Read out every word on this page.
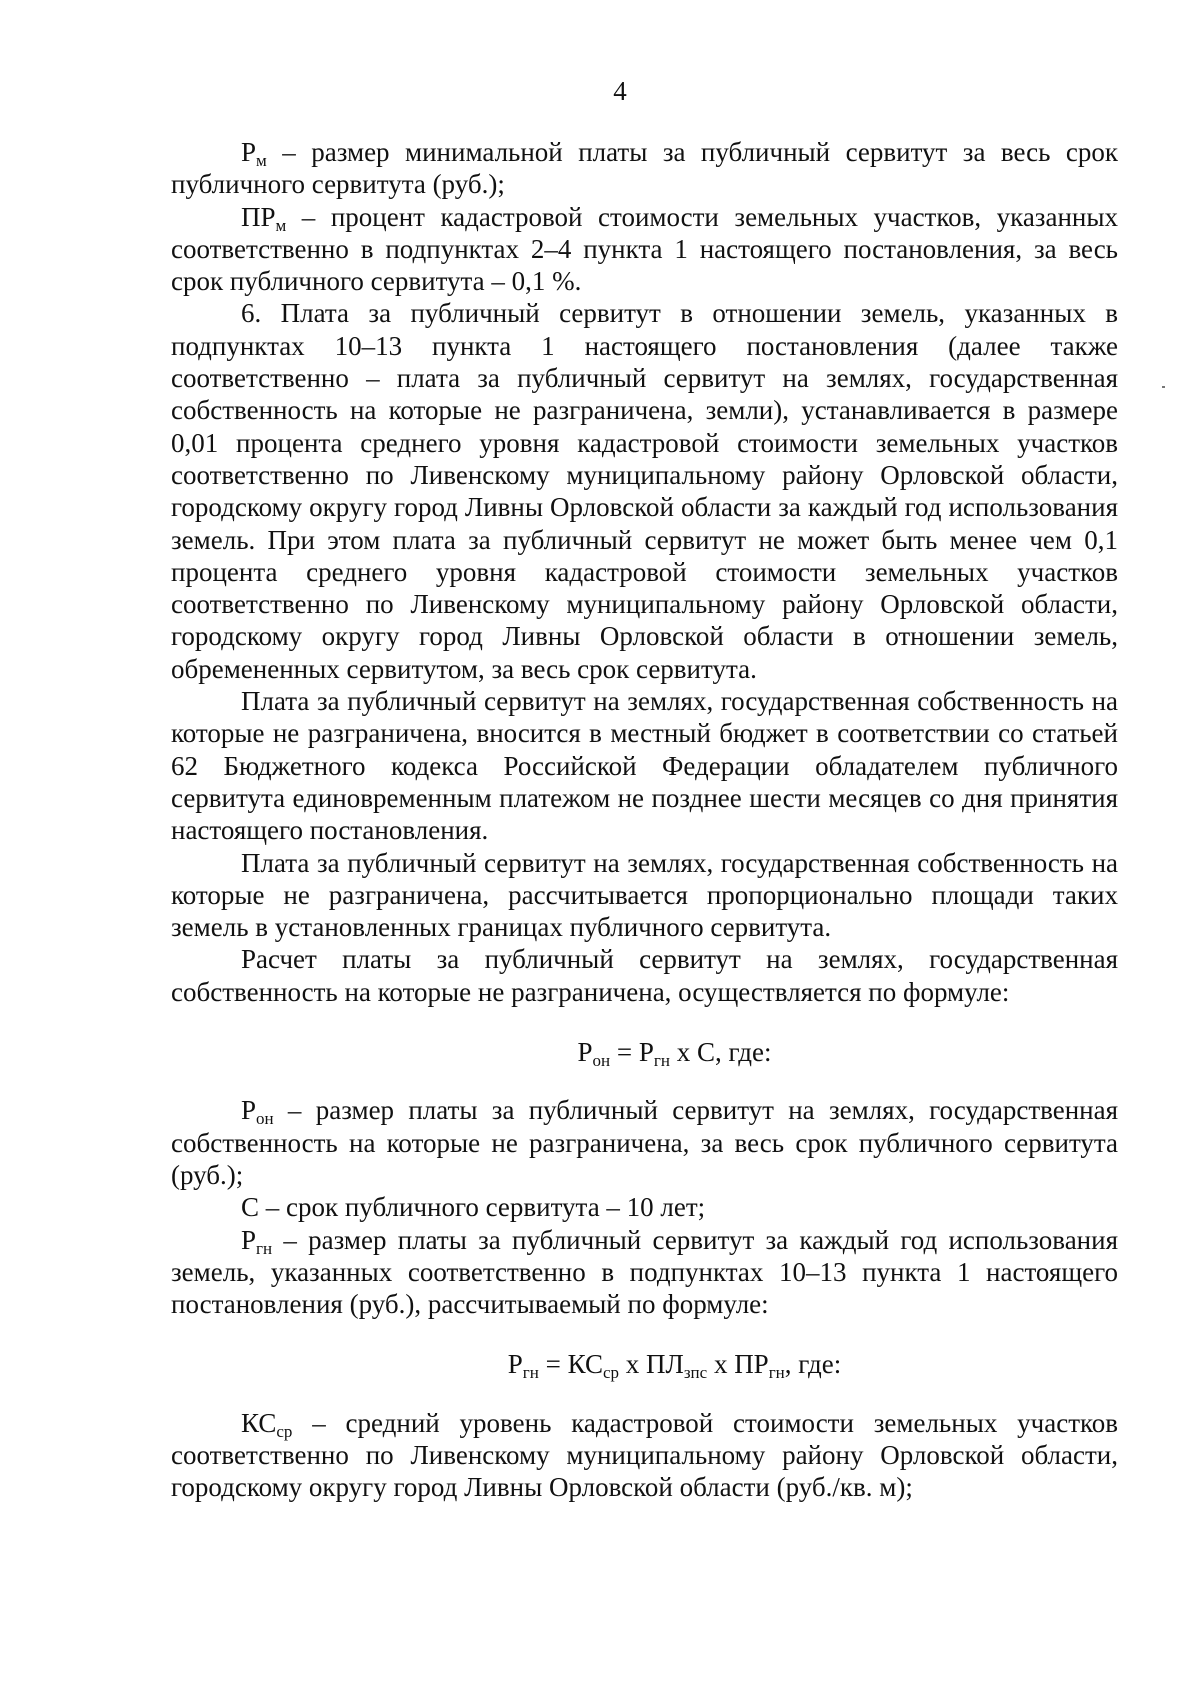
4

$Р_м$ – размер минимальной платы за публичный сервитут за весь срок публичного сервитута (руб.);

$ПР_м$ – процент кадастровой стоимости земельных участков, указанных соответственно в подпунктах 2–4 пункта 1 настоящего постановления, за весь срок публичного сервитута – 0,1 %.

6. Плата за публичный сервитут в отношении земель, указанных в подпунктах 10–13 пункта 1 настоящего постановления (далее также соответственно – плата за публичный сервитут на землях, государственная собственность на которые не разграничена, земли), устанавливается в размере 0,01 процента среднего уровня кадастровой стоимости земельных участков соответственно по Ливенскому муниципальному району Орловской области, городскому округу город Ливны Орловской области за каждый год использования земель. При этом плата за публичный сервитут не может быть менее чем 0,1 процента среднего уровня кадастровой стоимости земельных участков соответственно по Ливенскому муниципальному району Орловской области, городскому округу город Ливны Орловской области в отношении земель, обремененных сервитутом, за весь срок сервитута.

Плата за публичный сервитут на землях, государственная собственность на которые не разграничена, вносится в местный бюджет в соответствии со статьей 62 Бюджетного кодекса Российской Федерации обладателем публичного сервитута единовременным платежом не позднее шести месяцев со дня принятия настоящего постановления.

Плата за публичный сервитут на землях, государственная собственность на которые не разграничена, рассчитывается пропорционально площади таких земель в установленных границах публичного сервитута.

Расчет платы за публичный сервитут на землях, государственная собственность на которые не разграничена, осуществляется по формуле:

$Р_{он} = Р_{гн}$ х С, где:

$Р_{он}$ – размер платы за публичный сервитут на землях, государственная собственность на которые не разграничена, за весь срок публичного сервитута (руб.);

С – срок публичного сервитута – 10 лет;

$Р_{гн}$ – размер платы за публичный сервитут за каждый год использования земель, указанных соответственно в подпунктах 10–13 пункта 1 настоящего постановления (руб.), рассчитываемый по формуле:

$Р_{гн} = КС_{ср}$ х $ПЛ_{зпс}$ х $ПР_{гн}$, где:

$КС_{ср}$ – средний уровень кадастровой стоимости земельных участков соответственно по Ливенскому муниципальному району Орловской области, городскому округу город Ливны Орловской области (руб./кв. м);
